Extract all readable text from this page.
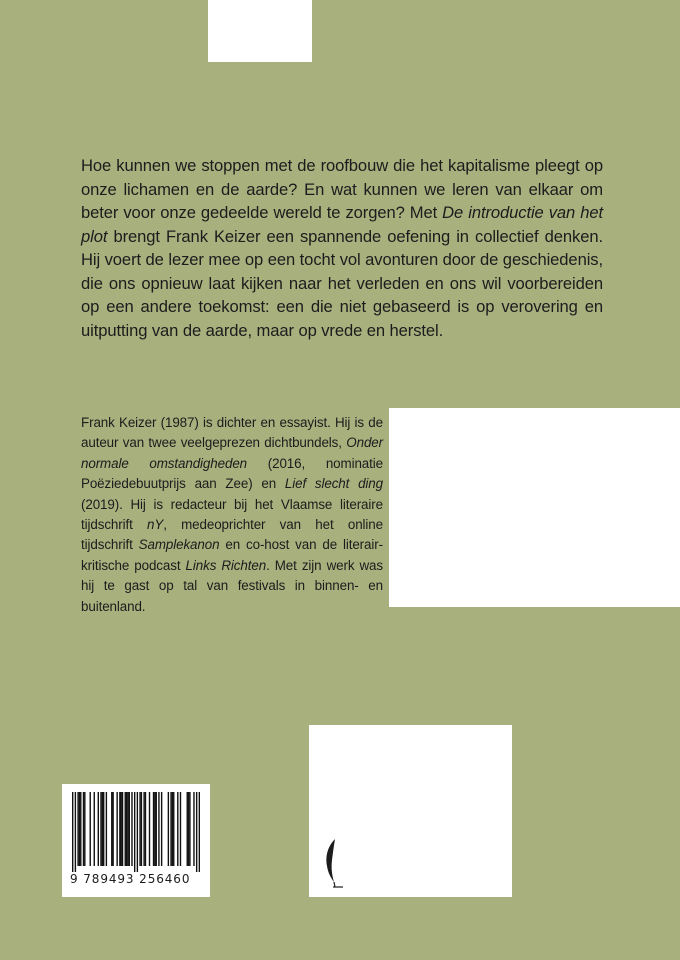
Hoe kunnen we stoppen met de roofbouw die het kapitalisme pleegt op onze lichamen en de aarde? En wat kunnen we leren van elkaar om beter voor onze gedeelde wereld te zorgen? Met De introductie van het plot brengt Frank Keizer een spannende oefening in collectief denken. Hij voert de lezer mee op een tocht vol avonturen door de geschiedenis, die ons opnieuw laat kijken naar het verleden en ons wil voorbereiden op een andere toekomst: een die niet gebaseerd is op verovering en uitputting van de aarde, maar op vrede en herstel.

Frank Keizer (1987) is dichter en essayist. Hij is de auteur van twee veelgeprezen dichtbundels, Onder normale omstandigheden (2016, nominatie Poëziedebuutprijs aan Zee) en Lief slecht ding (2019). Hij is redacteur bij het Vlaamse literaire tijdschrift nY, medeoprichter van het online tijdschrift Samplekanon en co-host van de literair-kritische podcast Links Richten. Met zijn werk was hij te gast op tal van festivals in binnen- en buitenland.

9 789493 256460
